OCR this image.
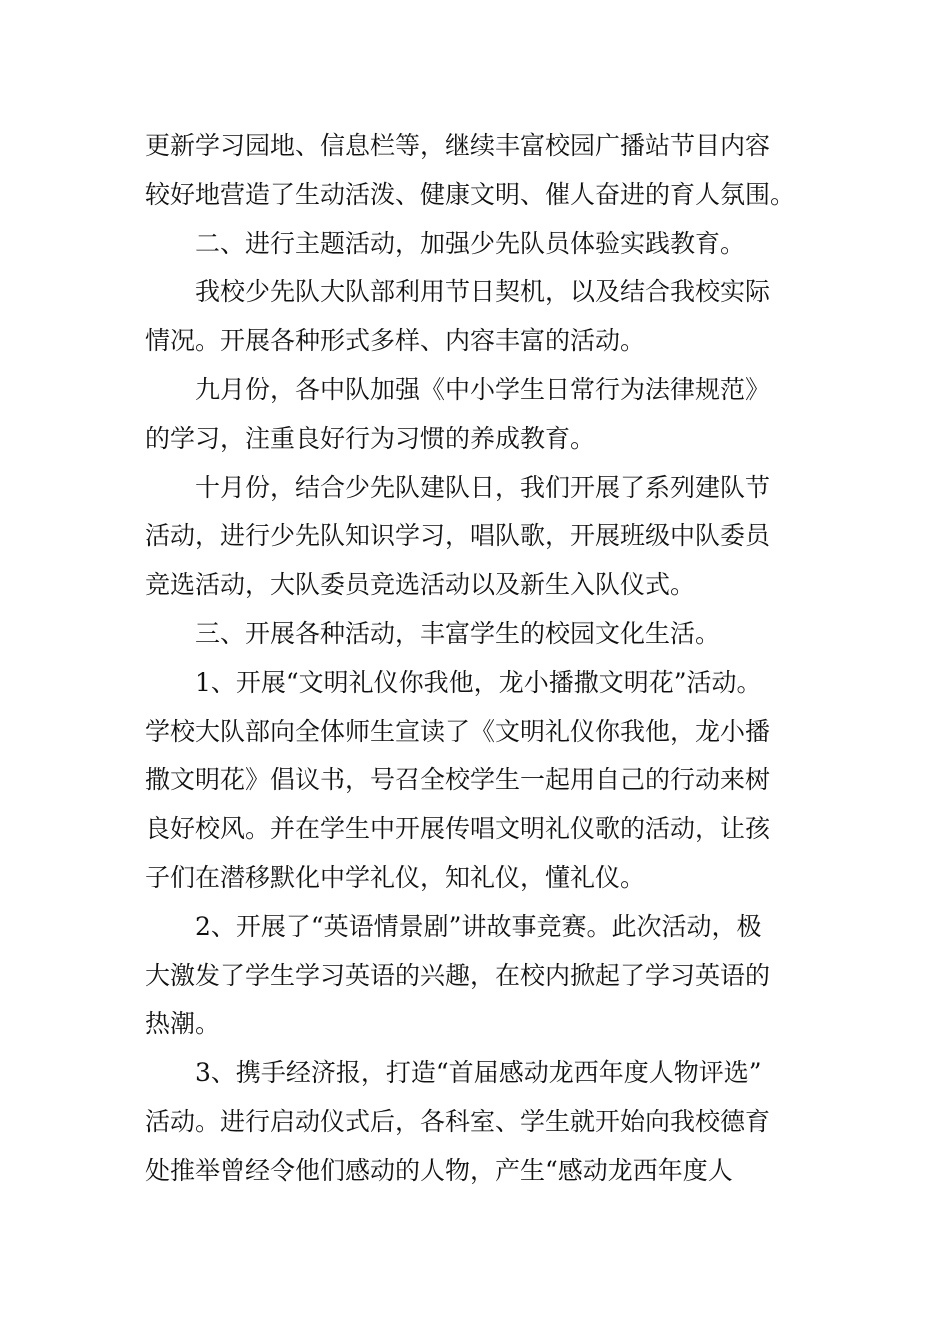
更新学习园地、信息栏等，继续丰富校园广播站节目内容
较好地营造了生动活泼、健康文明、催人奋进的育人氛围。
二、进行主题活动，加强少先队员体验实践教育。
我校少先队大队部利用节日契机，以及结合我校实际
情况。开展各种形式多样、内容丰富的活动。
九月份，各中队加强《中小学生日常行为法律规范》
的学习，注重良好行为习惯的养成教育。
十月份，结合少先队建队日，我们开展了系列建队节
活动，进行少先队知识学习，唱队歌，开展班级中队委员
竞选活动，大队委员竞选活动以及新生入队仪式。
三、开展各种活动，丰富学生的校园文化生活。
1、开展“文明礼仪你我他，龙小播撒文明花”活动。
学校大队部向全体师生宣读了《文明礼仪你我他，龙小播
撒文明花》倡议书，号召全校学生一起用自己的行动来树
良好校风。并在学生中开展传唱文明礼仪歌的活动，让孩
子们在潜移默化中学礼仪，知礼仪，懂礼仪。
2、开展了“英语情景剧”讲故事竞赛。此次活动，极
大激发了学生学习英语的兴趣，在校内掀起了学习英语的
热潮。
3、携手经济报，打造“首届感动龙西年度人物评选”
活动。进行启动仪式后，各科室、学生就开始向我校德育
处推举曾经令他们感动的人物，产生“感动龙西年度人
